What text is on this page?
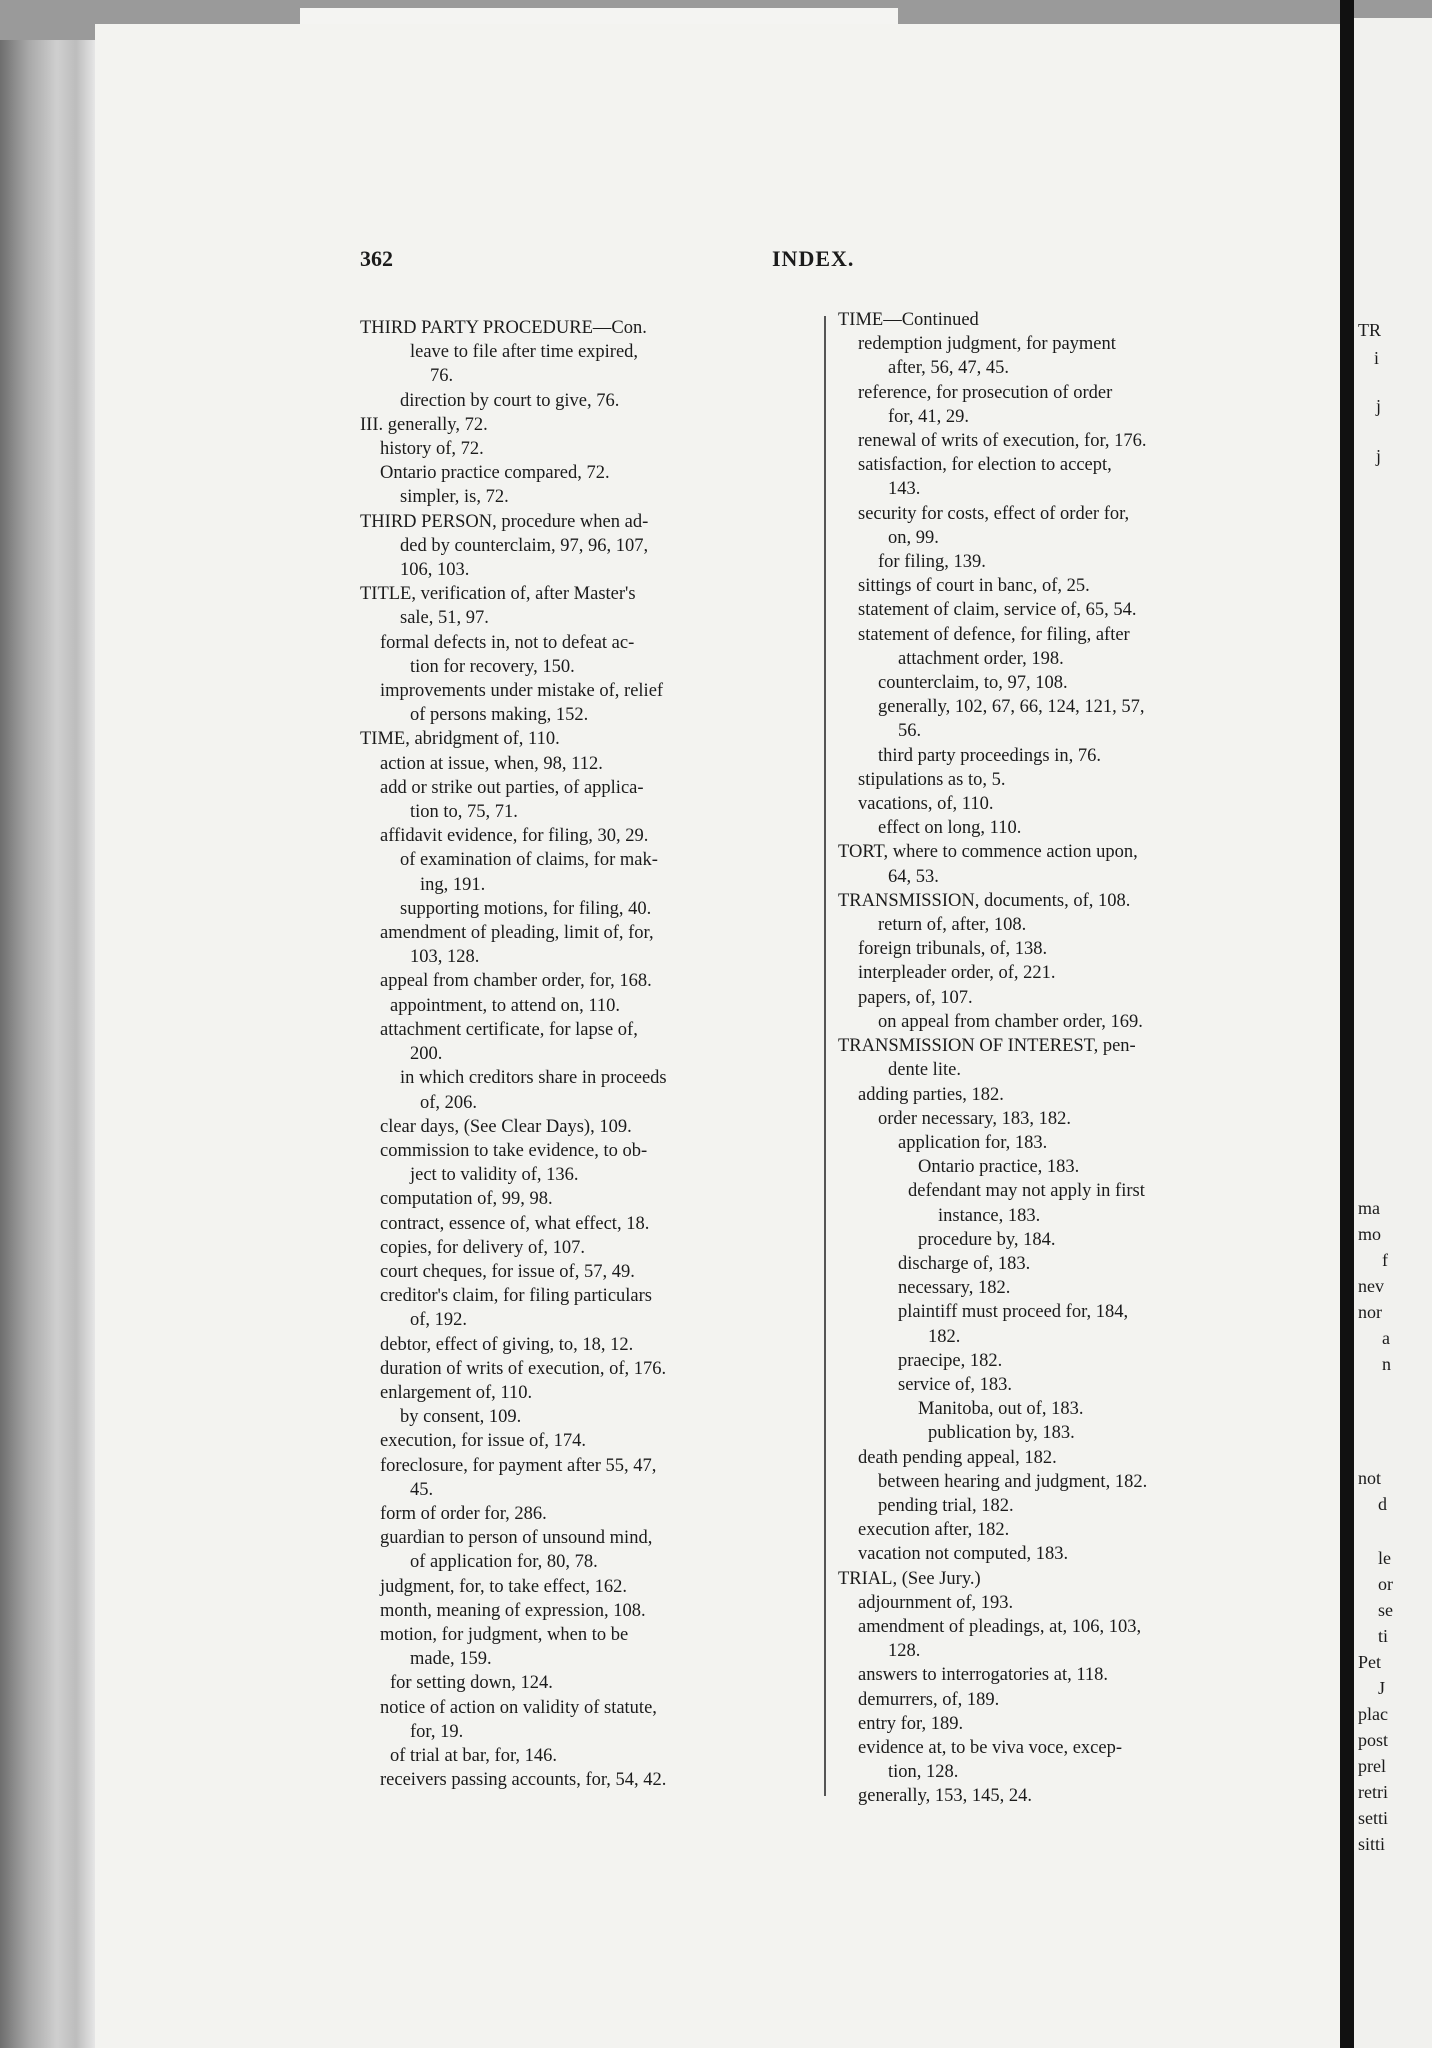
362	INDEX.
THIRD PARTY PROCEDURE—Con.
leave to file after time expired,
76.
direction by court to give, 76.
III. generally, 72.
history of, 72.
Ontario practice compared, 72.
simpler, is, 72.
THIRD PERSON, procedure when ad-
ded by counterclaim, 97, 96, 107,
106, 103.
TITLE, verification of, after Master's
sale, 51, 97.
formal defects in, not to defeat ac-
tion for recovery, 150.
improvements under mistake of, relief
of persons making, 152.
TIME, abridgment of, 110.
action at issue, when, 98, 112.
add or strike out parties, of applica-
tion to, 75, 71.
affidavit evidence, for filing, 30, 29.
of examination of claims, for mak-
ing, 191.
supporting motions, for filing, 40.
amendment of pleading, limit of, for,
103, 128.
appeal from chamber order, for, 168.
appointment, to attend on, 110.
attachment certificate, for lapse of,
200.
in which creditors share in proceeds
of, 206.
clear days, (See Clear Days), 109.
commission to take evidence, to ob-
ject to validity of, 136.
computation of, 99, 98.
contract, essence of, what effect, 18.
copies, for delivery of, 107.
court cheques, for issue of, 57, 49.
creditor's claim, for filing particulars
of, 192.
debtor, effect of giving, to, 18, 12.
duration of writs of execution, of, 176.
enlargement of, 110.
by consent, 109.
execution, for issue of, 174.
foreclosure, for payment after 55, 47,
45.
form of order for, 286.
guardian to person of unsound mind,
of application for, 80, 78.
judgment, for, to take effect, 162.
month, meaning of expression, 108.
motion, for judgment, when to be
made, 159.
for setting down, 124.
notice of action on validity of statute,
for, 19.
of trial at bar, for, 146.
receivers passing accounts, for, 54, 42.
TIME—Continued
redemption judgment, for payment
after, 56, 47, 45.
reference, for prosecution of order
for, 41, 29.
renewal of writs of execution, for, 176.
satisfaction, for election to accept,
143.
security for costs, effect of order for,
on, 99.
for filing, 139.
sittings of court in banc, of, 25.
statement of claim, service of, 65, 54.
statement of defence, for filing, after
attachment order, 198.
counterclaim, to, 97, 108.
generally, 102, 67, 66, 124, 121, 57,
56.
third party proceedings in, 76.
stipulations as to, 5.
vacations, of, 110.
effect on long, 110.
TORT, where to commence action upon,
64, 53.
TRANSMISSION, documents, of, 108.
return of, after, 108.
foreign tribunals, of, 138.
interpleader order, of, 221.
papers, of, 107.
on appeal from chamber order, 169.
TRANSMISSION OF INTEREST, pen-
dente lite.
adding parties, 182.
order necessary, 183, 182.
application for, 183.
Ontario practice, 183.
defendant may not apply in first
instance, 183.
procedure by, 184.
discharge of, 183.
necessary, 182.
plaintiff must proceed for, 184,
182.
praecipe, 182.
service of, 183.
Manitoba, out of, 183.
publication by, 183.
death pending appeal, 182.
between hearing and judgment, 182.
pending trial, 182.
execution after, 182.
vacation not computed, 183.
TRIAL, (See Jury.)
adjournment of, 193.
amendment of pleadings, at, 106, 103,
128.
answers to interrogatories at, 118.
demurrers, of, 189.
entry for, 189.
evidence at, to be viva voce, excep-
tion, 128.
generally, 153, 145, 24.
TR
i
j
j
ma
mo
f
nev
nor
a
n
not
d
le
or
se
ti
Pet
J
plac
post
prel
retri
setti
sitti
